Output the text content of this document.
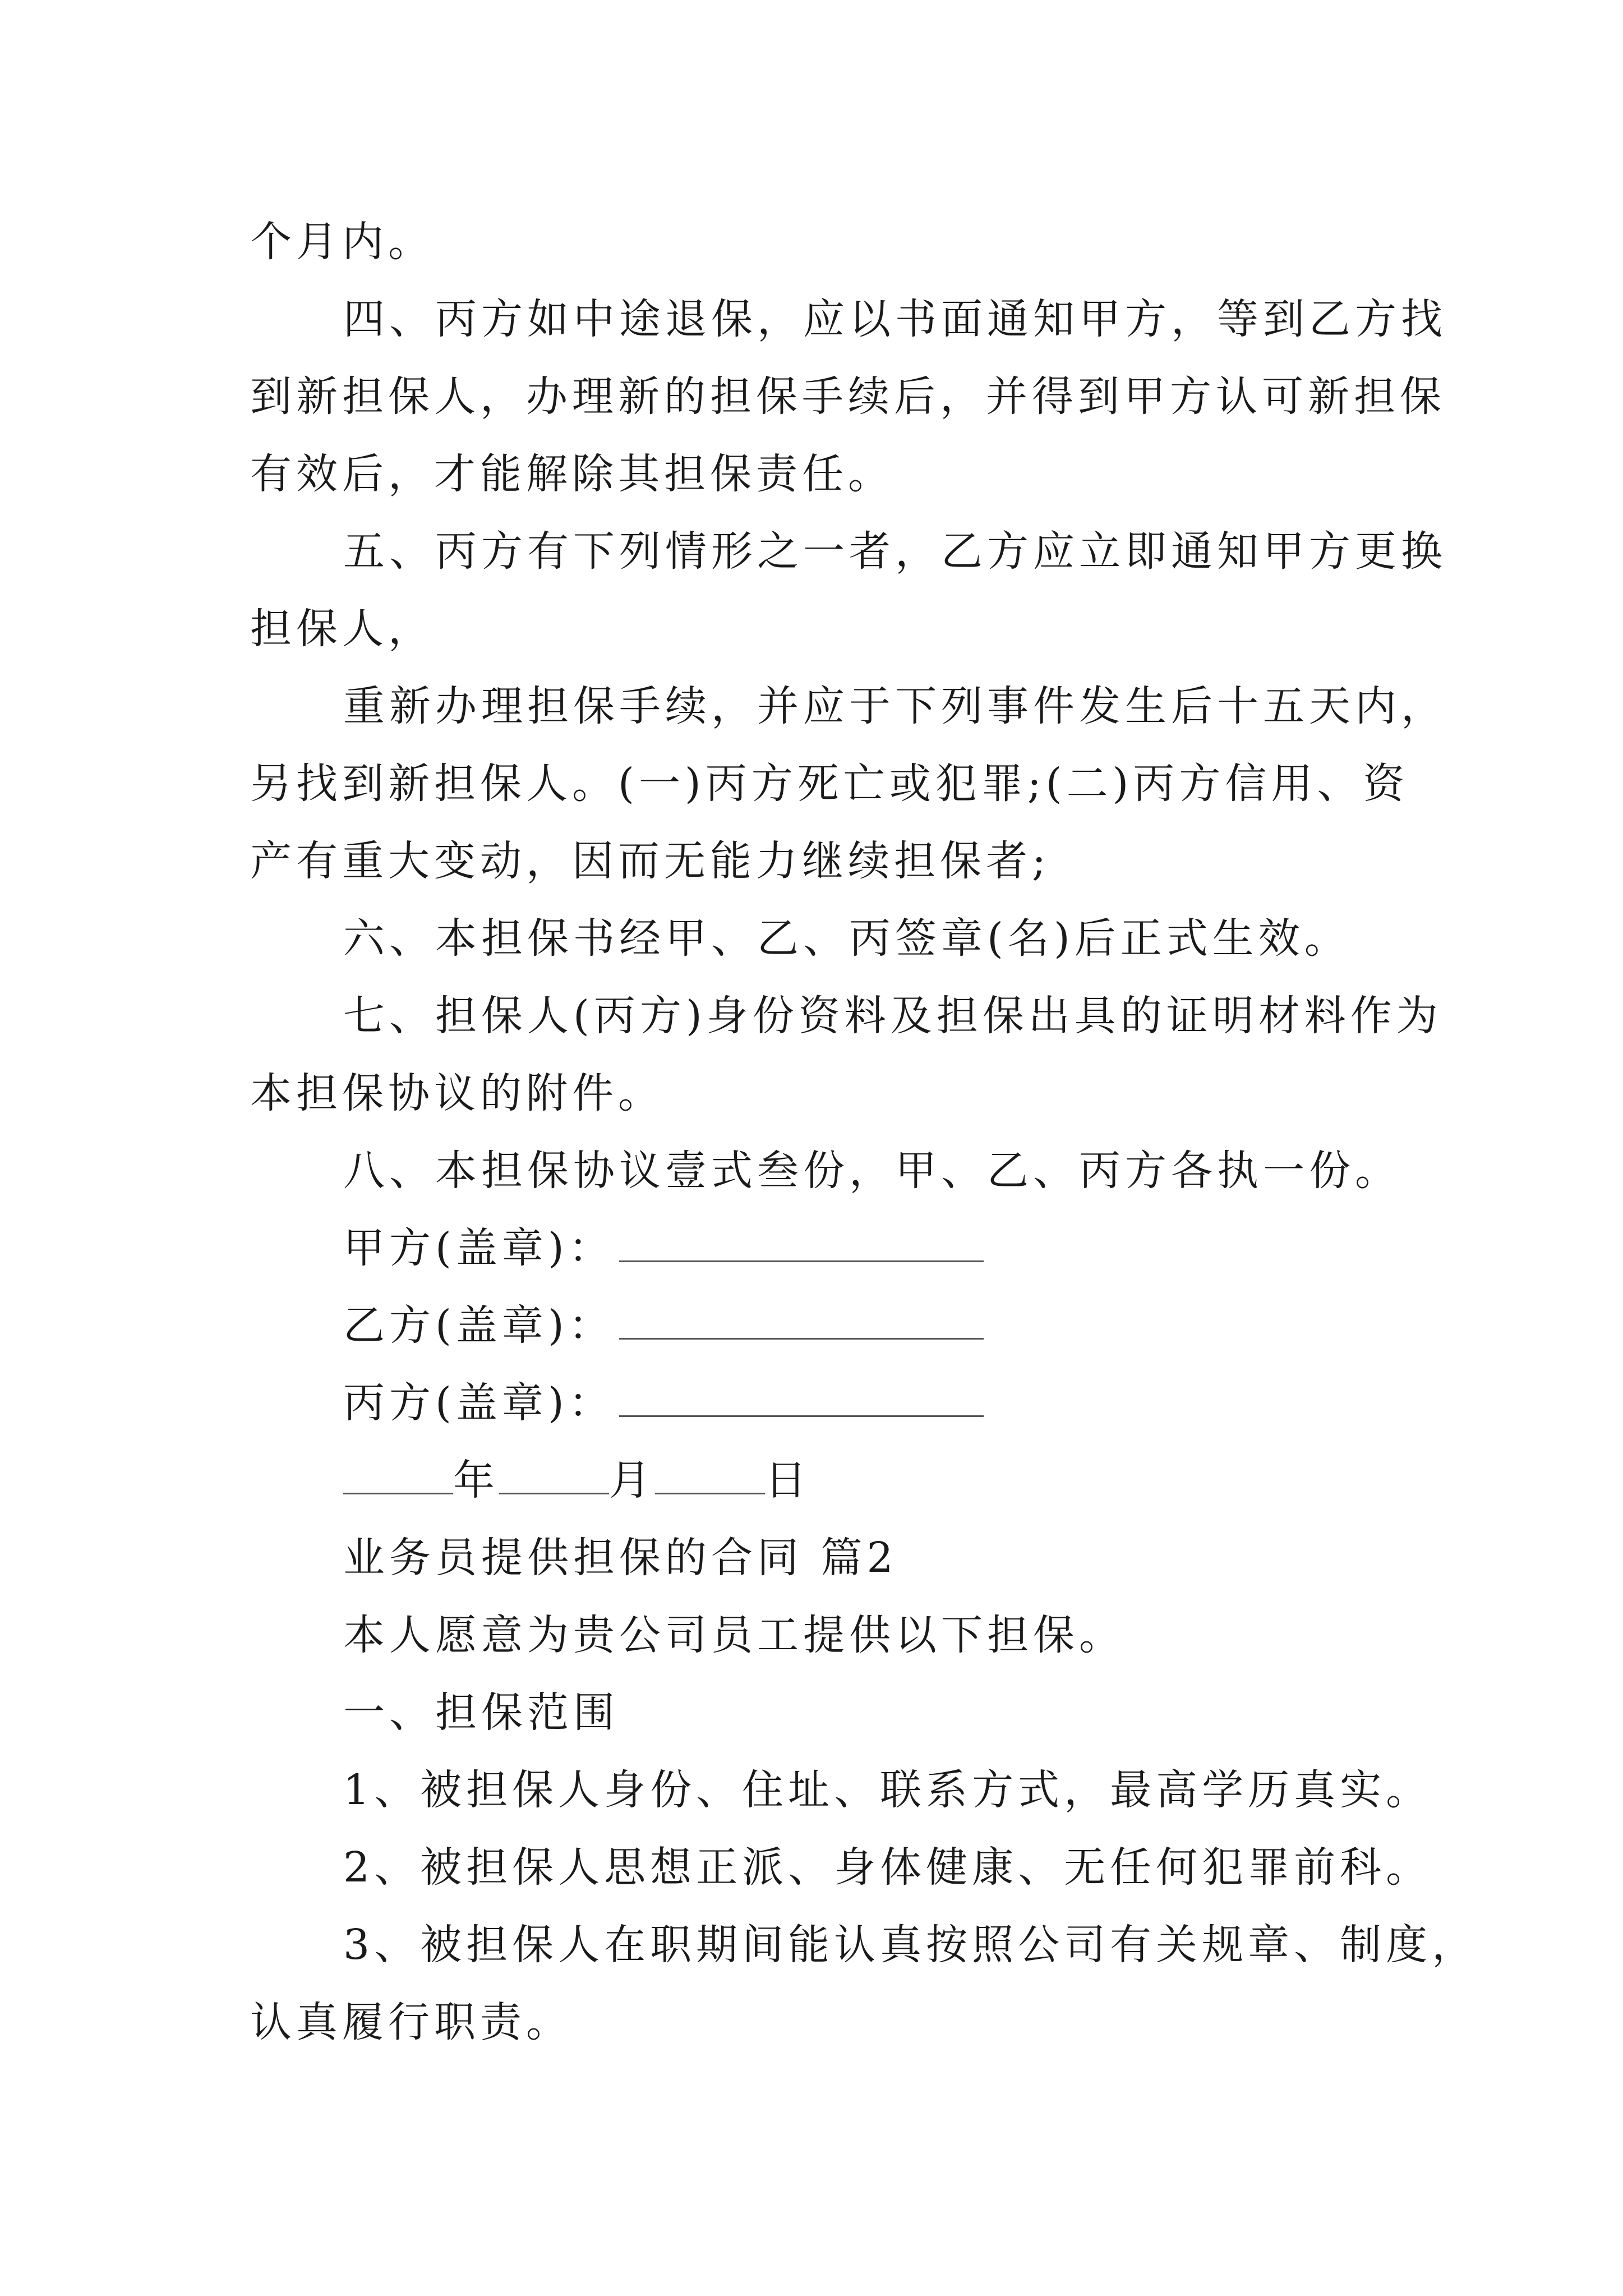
个月内。
四、丙方如中途退保，应以书面通知甲方，等到乙方找
到新担保人，办理新的担保手续后，并得到甲方认可新担保
有效后，才能解除其担保责任。
五、丙方有下列情形之一者，乙方应立即通知甲方更换
担保人，
重新办理担保手续，并应于下列事件发生后十五天内，
另找到新担保人。(一)丙方死亡或犯罪;(二)丙方信用、资
产有重大变动，因而无能力继续担保者;
六、本担保书经甲、乙、丙签章(名)后正式生效。
七、担保人(丙方)身份资料及担保出具的证明材料作为
本担保协议的附件。
八、本担保协议壹式叁份，甲、乙、丙方各执一份。
甲方(盖章)：
乙方(盖章)：
丙方(盖章)：
年	月	日
业务员提供担保的合同 篇2
本人愿意为贵公司员工提供以下担保。
一、担保范围
1、被担保人身份、住址、联系方式，最高学历真实。
2、被担保人思想正派、身体健康、无任何犯罪前科。
3、被担保人在职期间能认真按照公司有关规章、制度，
认真履行职责。
